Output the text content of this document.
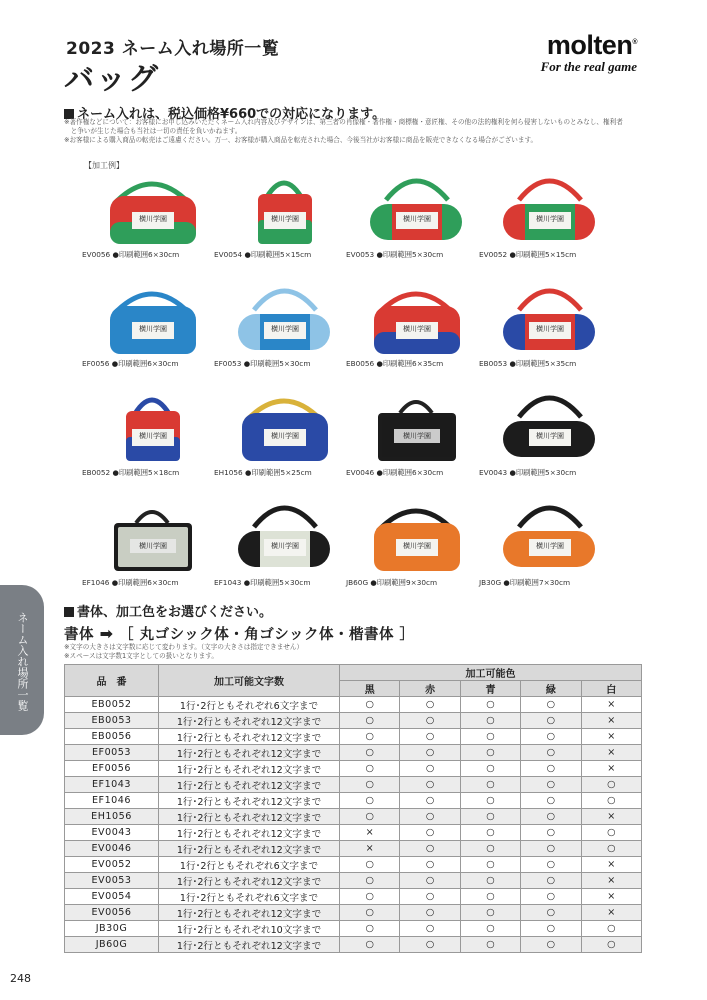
2023 ネーム入れ場所一覧
バッグ
molten®
For the real game
ネーム入れは、税込価格¥660での対応になります。
※著作権などについて：お客様にお申し込みいただくネーム入れ内容及びデザインは、第三者の肖像権・著作権・商標権・意匠権、その他の法的権利を何ら侵害しないものとみなし、権利者
　と争いが生じた場合も当社は一切の責任を負いかねます。
※お客様による購入商品の転売はご遠慮ください。万一、お客様が購入商品を転売された場合、今後当社がお客様に商品を販売できなくなる場合がございます。
【加工例】
横川学園
EV0056 ●印刷範囲6×30cm
横川学園
EV0054 ●印刷範囲5×15cm
横川学園
EV0053 ●印刷範囲5×30cm
横川学園
EV0052 ●印刷範囲5×15cm
横川学園
EF0056 ●印刷範囲6×30cm
横川学園
EF0053 ●印刷範囲5×30cm
横川学園
EB0056 ●印刷範囲6×35cm
横川学園
EB0053 ●印刷範囲5×35cm
横川学園
EB0052 ●印刷範囲5×18cm
横川学園
EH1056 ●印刷範囲5×25cm
横川学園
EV0046 ●印刷範囲6×30cm
横川学園
EV0043 ●印刷範囲5×30cm
横川学園
EF1046 ●印刷範囲6×30cm
横川学園
EF1043 ●印刷範囲5×30cm
横川学園
JB60G ●印刷範囲9×30cm
横川学園
JB30G ●印刷範囲7×30cm
書体、加工色をお選びください。
書体 ➡ ［ 丸ゴシック体・角ゴシック体・楷書体 ］
※文字の大きさは文字数に応じて変わります。（文字の大きさは指定できません）
※スペースは文字数1文字としての扱いとなります。
品　番	加工可能文字数	加工可能色				
		黒	赤	青	緑	白
EB0052	1行･2行ともそれぞれ6文字まで	○	○	○	○	×
EB0053	1行･2行ともそれぞれ12文字まで	○	○	○	○	×
EB0056	1行･2行ともそれぞれ12文字まで	○	○	○	○	×
EF0053	1行･2行ともそれぞれ12文字まで	○	○	○	○	×
EF0056	1行･2行ともそれぞれ12文字まで	○	○	○	○	×
EF1043	1行･2行ともそれぞれ12文字まで	○	○	○	○	○
EF1046	1行･2行ともそれぞれ12文字まで	○	○	○	○	○
EH1056	1行･2行ともそれぞれ12文字まで	○	○	○	○	×
EV0043	1行･2行ともそれぞれ12文字まで	×	○	○	○	○
EV0046	1行･2行ともそれぞれ12文字まで	×	○	○	○	○
EV0052	1行･2行ともそれぞれ6文字まで	○	○	○	○	×
EV0053	1行･2行ともそれぞれ12文字まで	○	○	○	○	×
EV0054	1行･2行ともそれぞれ6文字まで	○	○	○	○	×
EV0056	1行･2行ともそれぞれ12文字まで	○	○	○	○	×
JB30G	1行･2行ともそれぞれ10文字まで	○	○	○	○	○
JB60G	1行･2行ともそれぞれ12文字まで	○	○	○	○	○
ネーム入れ場所一覧
248
